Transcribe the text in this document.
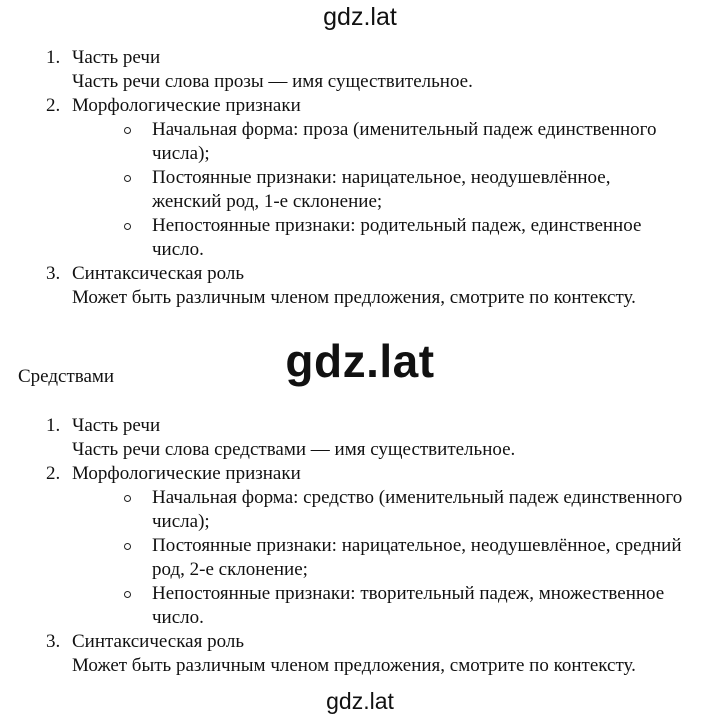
gdz.lat
gdz.lat
gdz.lat
1. Часть речи
Часть речи слова прозы — имя существительное.
2. Морфологические признаки
Начальная форма: проза (именительный падеж единственного
числа);
Постоянные признаки: нарицательное, неодушевлённое,
женский род, 1-е склонение;
Непостоянные признаки: родительный падеж, единственное
число.
3. Синтаксическая роль
Может быть различным членом предложения, смотрите по контексту.
Средствами
1. Часть речи
Часть речи слова средствами — имя существительное.
2. Морфологические признаки
Начальная форма: средство (именительный падеж единственного
числа);
Постоянные признаки: нарицательное, неодушевлённое, средний
род, 2-е склонение;
Непостоянные признаки: творительный падеж, множественное
число.
3. Синтаксическая роль
Может быть различным членом предложения, смотрите по контексту.
